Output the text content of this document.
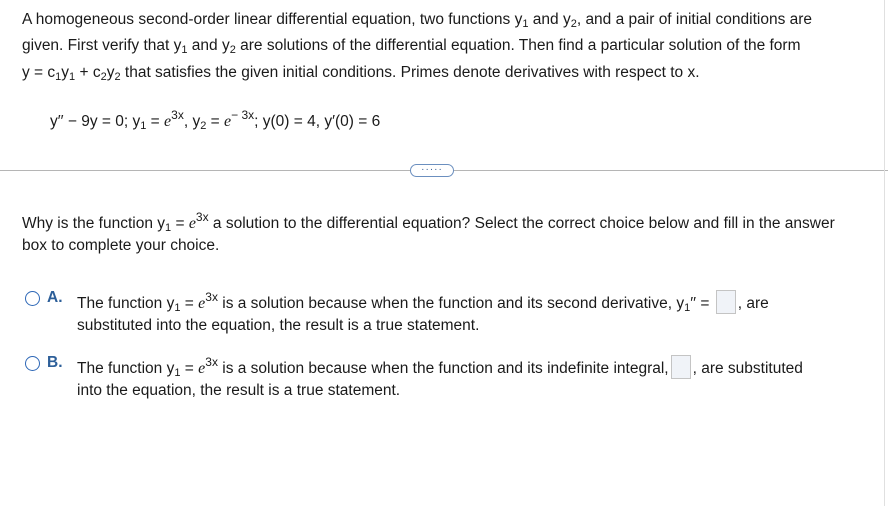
A homogeneous second-order linear differential equation, two functions $y_1$ and $y_2$, and a pair of initial conditions are
given. First verify that $y_1$ and $y_2$ are solutions of the differential equation. Then find a particular solution of the form
$y = c_1y_1 + c_2y_2$ that satisfies the given initial conditions. Primes denote derivatives with respect to x.
y′′ − 9y = 0; $y_1 = e^{3x}$, $y_2 = e^{- 3x}$; y(0) = 4, y′(0) = 6
·····
Why is the function $y_1 = e^{3x}$ a solution to the differential equation? Select the correct choice below and fill in the answer
box to complete your choice.
A. The function $y_1 = e^{3x}$ is a solution because when the function and its second derivative, $y_1''$ = , are
substituted into the equation, the result is a true statement.
B. The function $y_1 = e^{3x}$ is a solution because when the function and its indefinite integral, , are substituted
into the equation, the result is a true statement.
